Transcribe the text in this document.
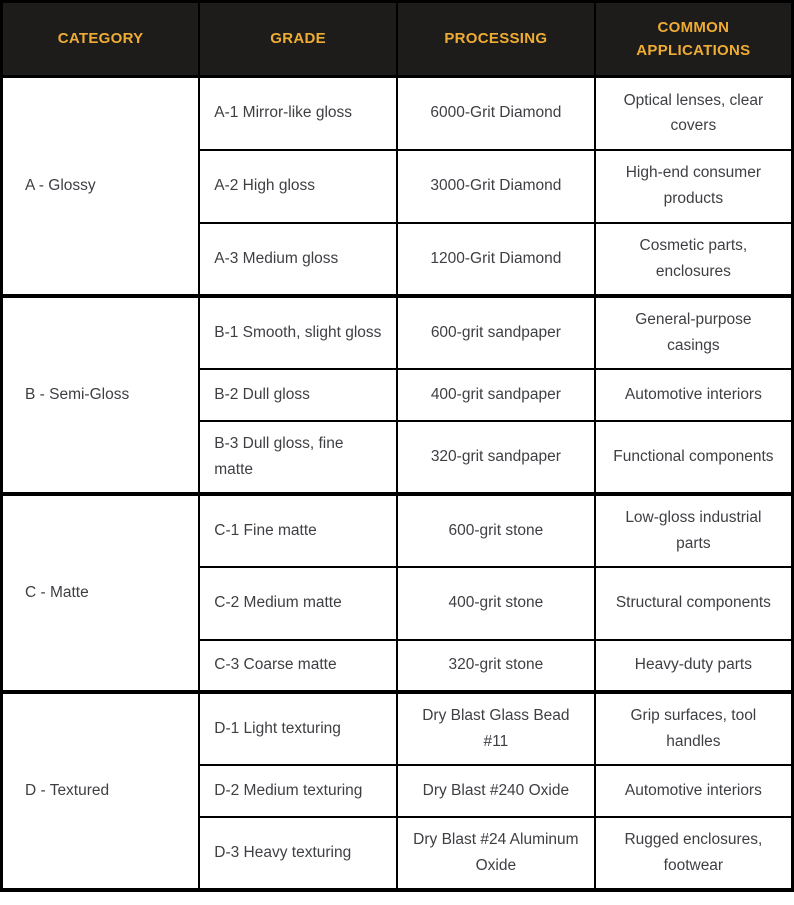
CATEGORY	GRADE	PROCESSING	COMMON APPLICATIONS
A - Glossy	A-1 Mirror-like gloss	6000-Grit Diamond	Optical lenses, clear covers
	A-2 High gloss	3000-Grit Diamond	High-end consumer products
	A-3 Medium gloss	1200-Grit Diamond	Cosmetic parts, enclosures
B - Semi-Gloss	B-1 Smooth, slight gloss	600-grit sandpaper	General-purpose casings
	B-2 Dull gloss	400-grit sandpaper	Automotive interiors
	B-3 Dull gloss, fine matte	320-grit sandpaper	Functional components
C - Matte	C-1 Fine matte	600-grit stone	Low-gloss industrial parts
	C-2 Medium matte	400-grit stone	Structural components
	C-3 Coarse matte	320-grit stone	Heavy-duty parts
D - Textured	D-1 Light texturing	Dry Blast Glass Bead #11	Grip surfaces, tool handles
	D-2 Medium texturing	Dry Blast #240 Oxide	Automotive interiors
	D-3 Heavy texturing	Dry Blast #24 Aluminum Oxide	Rugged enclosures, footwear
